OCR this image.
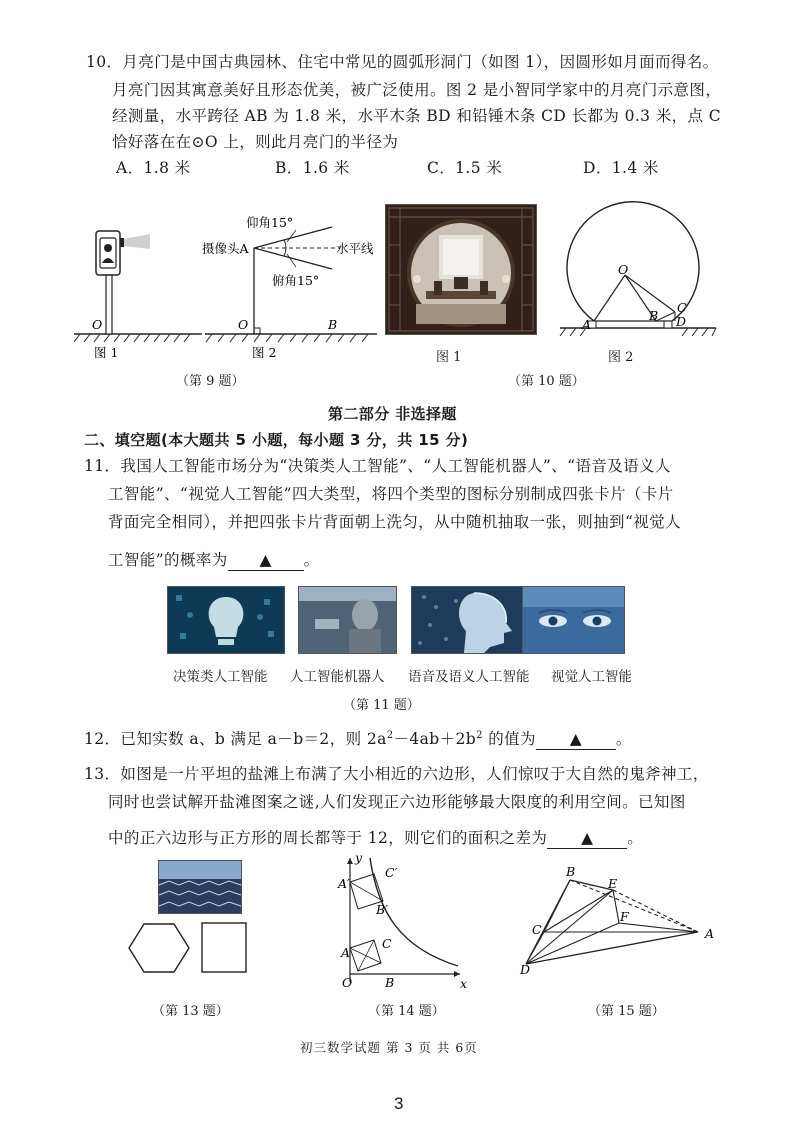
10．月亮门是中国古典园林、住宅中常见的圆弧形洞门（如图 1），因圆形如月面而得名。
月亮门因其寓意美好且形态优美，被广泛使用。图 2 是小智同学家中的月亮门示意图，
经测量，水平跨径 AB 为 1.8 米，水平木条 BD 和铅锤木条 CD 长都为 0.3 米，点 C
恰好落在在⊙O 上，则此月亮门的半径为
A．1.8 米	B．1.6 米	C．1.5 米	D．1.4 米
O
图 1
仰角15°
摄像头A	水平线
俯角15°
O	B
图 2
（第 9 题）
图 1
O
A
B
C
D
图 2
（第 10 题）
第二部分 非选择题
二、填空题(本大题共 5 小题，每小题 3 分，共 15 分)
11．我国人工智能市场分为“决策类人工智能”、“人工智能机器人”、“语音及语义人
工智能”、“视觉人工智能”四大类型，将四个类型的图标分别制成四张卡片（卡片
背面完全相同），并把四张卡片背面朝上洗匀，从中随机抽取一张，则抽到“视觉人
工智能”的概率为 ▲ 。
决策类人工智能 人工智能机器人 语音及语义人工智能 视觉人工智能
（第 11 题）
12．已知实数 a、b 满足 a－b＝2，则 $2a^2-4ab+2b^2$ 的值为 ▲ 。
13．如图是一片平坦的盐滩上布满了大小相近的六边形，人们惊叹于大自然的鬼斧神工，
同时也尝试解开盐滩图案之谜,人们发现正六边形能够最大限度的利用空间。已知图
中的正六边形与正方形的周长都等于 12，则它们的面积之差为 ▲ 。
（第 13 题）
y
x
O
A
C
B
A′
C′
B′
（第 14 题）
B
E
F
C	A
D
（第 15 题）
初三数学试题 第 3 页 共 6页
3
